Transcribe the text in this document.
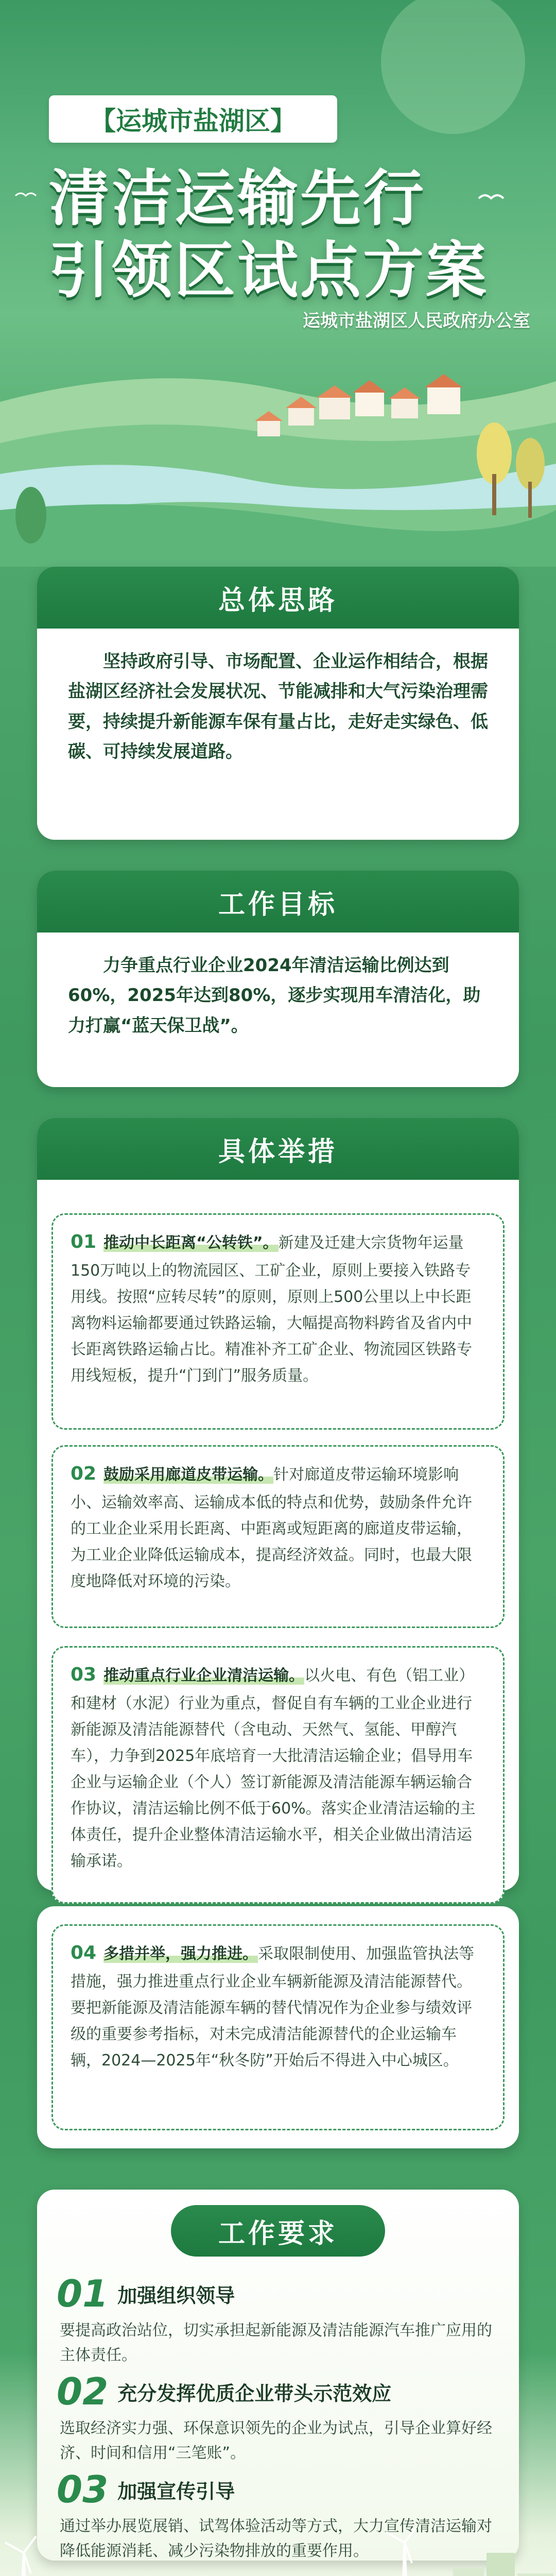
【运城市盐湖区】
清洁运输先行
引领区试点方案
运城市盐湖区人民政府办公室
总体思路
坚持政府引导、市场配置、企业运作相结合，根据盐湖区经济社会发展状况、节能减排和大气污染治理需要，持续提升新能源车保有量占比，走好走实绿色、低碳、可持续发展道路。
工作目标
力争重点行业企业2024年清洁运输比例达到60%，2025年达到80%，逐步实现用车清洁化，助力打赢“蓝天保卫战”。
具体举措
01 推动中长距离“公转铁”。新建及迁建大宗货物年运量150万吨以上的物流园区、工矿企业，原则上要接入铁路专用线。按照“应转尽转”的原则，原则上500公里以上中长距离物料运输都要通过铁路运输，大幅提高物料跨省及省内中长距离铁路运输占比。精准补齐工矿企业、物流园区铁路专用线短板，提升“门到门”服务质量。
02 鼓励采用廊道皮带运输。针对廊道皮带运输环境影响小、运输效率高、运输成本低的特点和优势，鼓励条件允许的工业企业采用长距离、中距离或短距离的廊道皮带运输，为工业企业降低运输成本，提高经济效益。同时，也最大限度地降低对环境的污染。
03 推动重点行业企业清洁运输。以火电、有色（铝工业）和建材（水泥）行业为重点，督促自有车辆的工业企业进行新能源及清洁能源替代（含电动、天然气、氢能、甲醇汽车），力争到2025年底培育一大批清洁运输企业；倡导用车企业与运输企业（个人）签订新能源及清洁能源车辆运输合作协议，清洁运输比例不低于60%。落实企业清洁运输的主体责任，提升企业整体清洁运输水平，相关企业做出清洁运输承诺。
04 多措并举，强力推进。采取限制使用、加强监管执法等措施，强力推进重点行业企业车辆新能源及清洁能源替代。要把新能源及清洁能源车辆的替代情况作为企业参与绩效评级的重要参考指标，对未完成清洁能源替代的企业运输车辆，2024—2025年“秋冬防”开始后不得进入中心城区。
工作要求
01 加强组织领导
要提高政治站位，切实承担起新能源及清洁能源汽车推广应用的主体责任。
02 充分发挥优质企业带头示范效应
选取经济实力强、环保意识领先的企业为试点，引导企业算好经济、时间和信用“三笔账”。
03 加强宣传引导
通过举办展览展销、试驾体验活动等方式，大力宣传清洁运输对降低能源消耗、减少污染物排放的重要作用。
